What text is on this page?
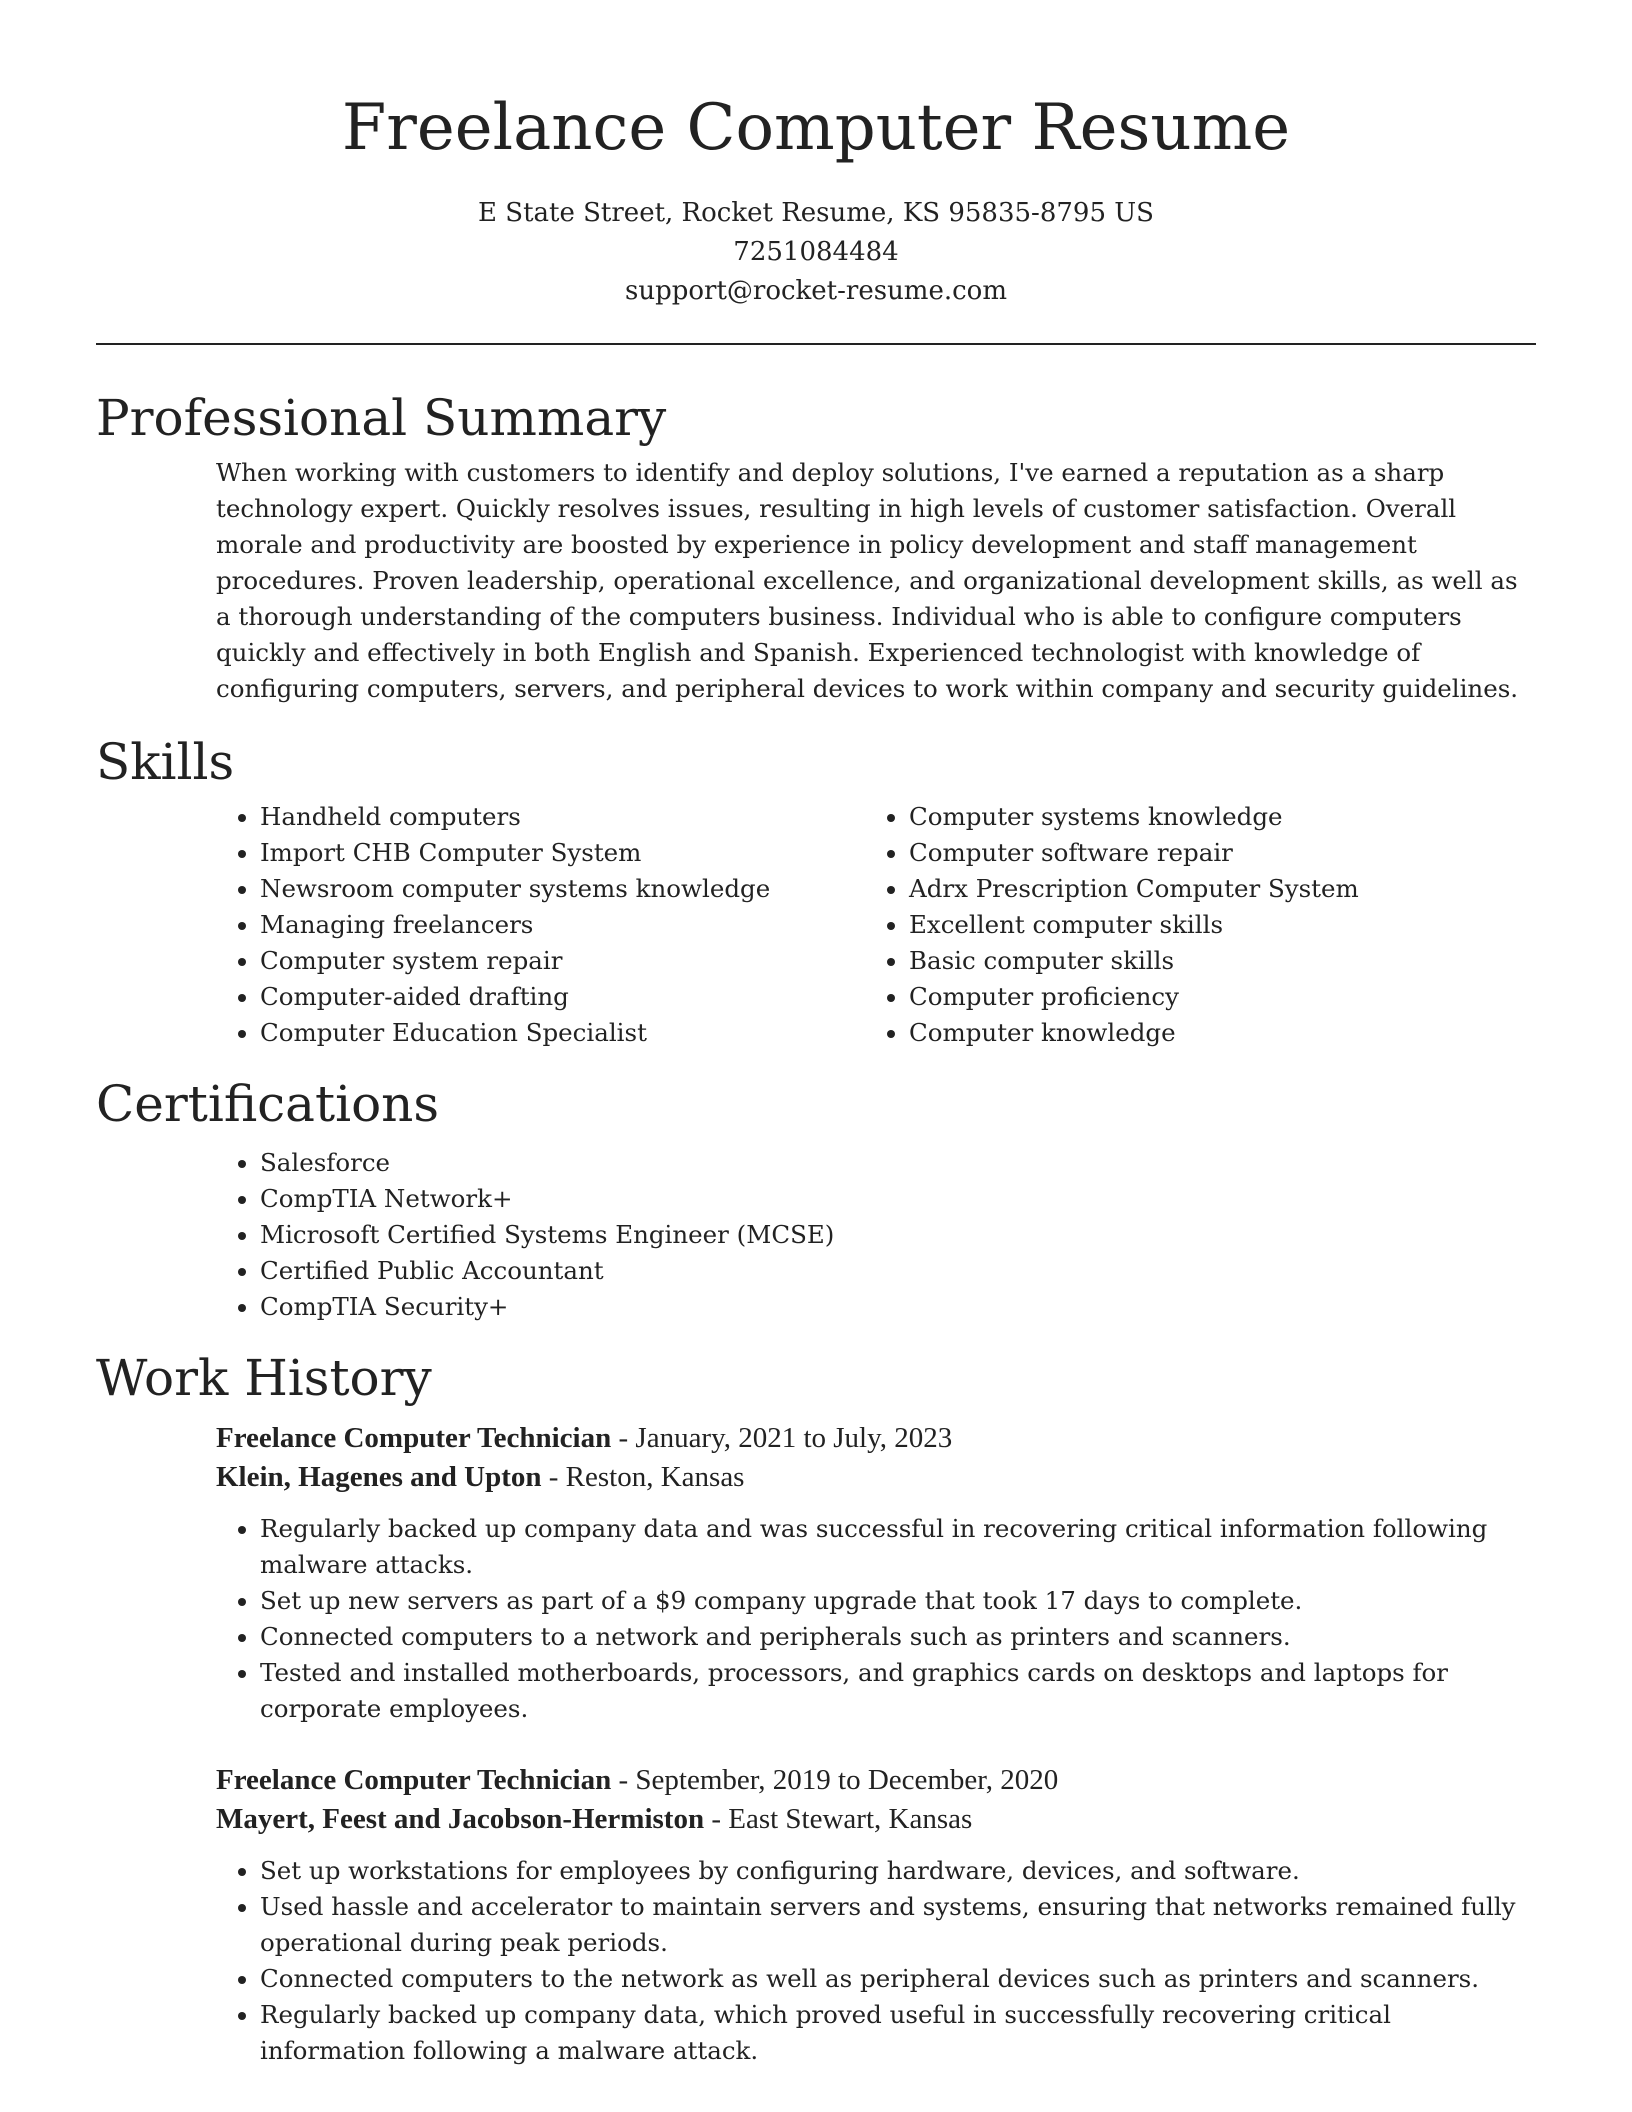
Freelance Computer Resume

E State Street, Rocket Resume, KS 95835-8795 US

7251084484

support@rocket-resume.com

Professional Summary

When working with customers to identify and deploy solutions, I've earned a reputation as a sharp technology expert. Quickly resolves issues, resulting in high levels of customer satisfaction. Overall morale and productivity are boosted by experience in policy development and staff management procedures. Proven leadership, operational excellence, and organizational development skills, as well as a thorough understanding of the computers business. Individual who is able to configure computers quickly and effectively in both English and Spanish. Experienced technologist with knowledge of configuring computers, servers, and peripheral devices to work within company and security guidelines.

Skills
• Handheld computers
• Import CHB Computer System
• Newsroom computer systems knowledge
• Managing freelancers
• Computer system repair
• Computer-aided drafting
• Computer Education Specialist
• Computer systems knowledge
• Computer software repair
• Adrx Prescription Computer System
• Excellent computer skills
• Basic computer skills
• Computer proficiency
• Computer knowledge
Certifications
• Salesforce
• CompTIA Network+
• Microsoft Certified Systems Engineer (MCSE)
• Certified Public Accountant
• CompTIA Security+
Work History

Freelance Computer Technician - January, 2021 to July, 2023

Klein, Hagenes and Upton - Reston, Kansas

• Regularly backed up company data and was successful in recovering critical information following malware attacks.
• Set up new servers as part of a $9 company upgrade that took 17 days to complete.
• Connected computers to a network and peripherals such as printers and scanners.
• Tested and installed motherboards, processors, and graphics cards on desktops and laptops for corporate employees.

Freelance Computer Technician - September, 2019 to December, 2020

Mayert, Feest and Jacobson-Hermiston - East Stewart, Kansas

• Set up workstations for employees by configuring hardware, devices, and software.
• Used hassle and accelerator to maintain servers and systems, ensuring that networks remained fully operational during peak periods.
• Connected computers to the network as well as peripheral devices such as printers and scanners.
• Regularly backed up company data, which proved useful in successfully recovering critical information following a malware attack.
